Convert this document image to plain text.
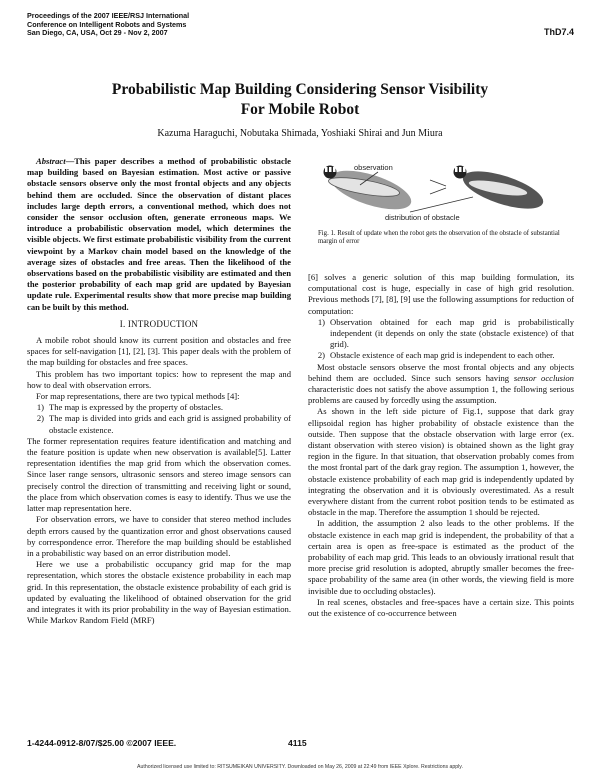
Proceedings of the 2007 IEEE/RSJ International
Conference on Intelligent Robots and Systems
San Diego, CA, USA, Oct 29 - Nov 2, 2007	ThD7.4
Probabilistic Map Building Considering Sensor Visibility
For Mobile Robot
Kazuma Haraguchi, Nobutaka Shimada, Yoshiaki Shirai and Jun Miura

Abstract—This paper describes a method of probabilistic obstacle map building based on Bayesian estimation. Most active or passive obstacle sensors observe only the most frontal objects and any objects behind them are occluded. Since the observation of distant places includes large depth errors, a conventional method, which does not consider the sensor occlusion often, generate erroneous maps. We introduce a probabilistic observation model, which determines the visible objects. We first estimate probabilistic visibility from the current viewpoint by a Markov chain model based on the knowledge of the average sizes of obstacles and free areas. Then the likelihood of the observations based on the probabilistic visibility are estimated and then the posterior probability of each map grid are updated by Bayesian update rule. Experimental results show that more precise map building can be built by this method.

I. INTRODUCTION

A mobile robot should know its current position and obstacles and free spaces for self-navigation [1], [2], [3]. This paper deals with the problem of the map building for obstacles and free spaces.

This problem has two important topics: how to represent the map and how to deal with observation errors.

For map representations, there are two typical methods [4]:

1) The map is expressed by the property of obstacles.
2) The map is divided into grids and each grid is assigned probability of obstacle existence.

The former representation requires feature identification and matching and the feature position is update when new observation is available[5]. Latter representation identifies the map grid from which the observation comes. Since laser range sensors, ultrasonic sensors and stereo image sensors can precisely control the direction of transmitting and receiving light or sound, the place from which observation comes is easy to identify. Thus we use the latter map representation here.

For observation errors, we have to consider that stereo method includes depth errors caused by the quantization error and ghost observations caused by correspondence error. Therefore the map building should be established in a probabilistic way based on an error distribution model.

Here we use a probabilistic occupancy grid map for the map representation, which stores the obstacle existence probability in each map grid. In this representation, the obstacle existence probability of each grid is updated by evaluating the likelihood of obtained observation for the grid and integrates it with its prior probability in the way of Bayesian estimation. While Markov Random Field (MRF)

observation
distribution of obstacle
Fig. 1. Result of update when the robot gets the observation of the obstacle of substantial margin of error

[6] solves a generic solution of this map building formulation, its computational cost is huge, especially in case of high grid resolution. Previous methods [7], [8], [9] use the following assumptions for reduction of computation:

1) Observation obtained for each map grid is probabilistically independent (it depends on only the state (obstacle existence) of that grid).
2) Obstacle existence of each map grid is independent to each other.

Most obstacle sensors observe the most frontal objects and any objects behind them are occluded. Since such sensors having sensor occlusion characteristic does not satisfy the above assumption 1, the following serious problems are caused by forcedly using the assumption.

As shown in the left side picture of Fig.1, suppose that dark gray ellipsoidal region has higher probability of obstacle existence than the outside. Then suppose that the obstacle observation with large error (ex. distant observation with stereo vision) is obtained shown as the light gray region in the figure. In that situation, that observation probably comes from the most frontal part of the dark gray region. The assumption 1, however, the obstacle existence probability of each map grid is independently updated by integrating the observation and it is obviously overestimated. As a result everywhere distant from the current robot position tends to be estimated as obstacle in the map. Therefore the assumption 1 should be rejected.

In addition, the assumption 2 also leads to the other problems. If the obstacle existence in each map grid is independent, the probability of that a certain area is open as free-space is estimated as the product of the probability of each map grid. This leads to an obviously irrational result that more precise grid resolution is adopted, abruptly smaller becomes the free-space probability of the same area (in other words, the viewing field is more invisible due to occluding obstacles).

In real scenes, obstacles and free-spaces have a certain size. This points out the existence of co-occurrence between

1-4244-0912-8/07/$25.00 ©2007 IEEE.	4115
Authorized licensed use limited to: RITSUMEIKAN UNIVERSITY. Downloaded on May 26, 2009 at 22:49 from IEEE Xplore. Restrictions apply.
